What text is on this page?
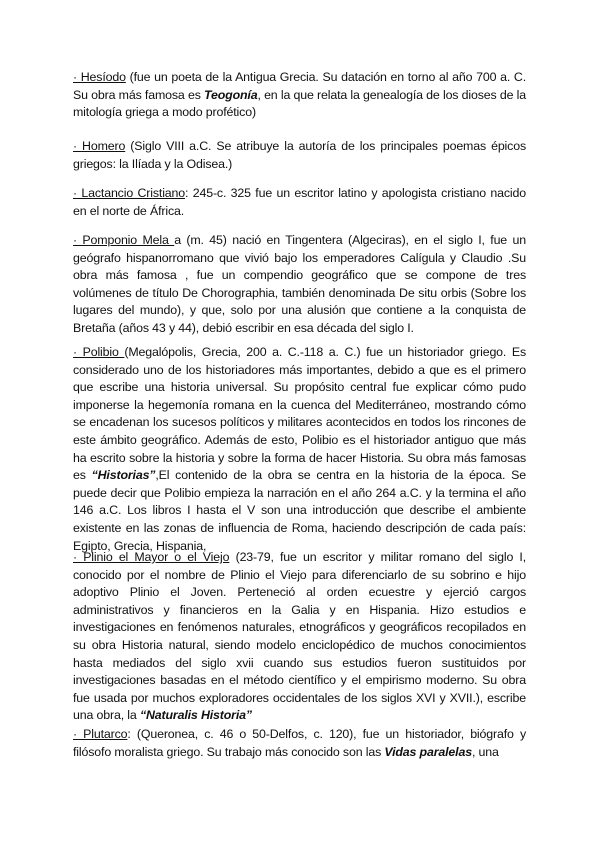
· Hesíodo (fue un poeta de la Antigua Grecia. Su datación en torno al año 700 a. C. Su obra más famosa es Teogonía, en la que relata la genealogía de los dioses de la mitología griega a modo profético)

· Homero (Siglo VIII a.C. Se atribuye la autoría de los principales poemas épicos griegos: la Ilíada y la Odisea.)

· Lactancio Cristiano: 245-c. 325 fue un escritor latino y apologista cristiano nacido en el norte de África.

· Pomponio Mela a (m. 45) nació en Tingentera (Algeciras), en el siglo I, fue un geógrafo hispanorromano que vivió bajo los emperadores Calígula y Claudio .Su obra más famosa , fue un compendio geográfico que se compone de tres volúmenes de título De Chorographia, también denominada De situ orbis (Sobre los lugares del mundo), y que, solo por una alusión que contiene a la conquista de Bretaña (años 43 y 44), debió escribir en esa década del siglo I.

· Polibio (Megalópolis, Grecia, 200 a. C.-118 a. C.) fue un historiador griego. Es considerado uno de los historiadores más importantes, debido a que es el primero que escribe una historia universal. Su propósito central fue explicar cómo pudo imponerse la hegemonía romana en la cuenca del Mediterráneo, mostrando cómo se encadenan los sucesos políticos y militares acontecidos en todos los rincones de este ámbito geográfico. Además de esto, Polibio es el historiador antiguo que más ha escrito sobre la historia y sobre la forma de hacer Historia. Su obra más famosas es “Historias”,El contenido de la obra se centra en la historia de la época. Se puede decir que Polibio empieza la narración en el año 264 a.C. y la termina el año 146 a.C. Los libros I hasta el V son una introducción que describe el ambiente existente en las zonas de influencia de Roma, haciendo descripción de cada país: Egipto, Grecia, Hispania,

· Plinio el Mayor o el Viejo (23-79, fue un escritor y militar romano del siglo I, conocido por el nombre de Plinio el Viejo para diferenciarlo de su sobrino e hijo adoptivo Plinio el Joven. Perteneció al orden ecuestre y ejerció cargos administrativos y financieros en la Galia y en Hispania. Hizo estudios e investigaciones en fenómenos naturales, etnográficos y geográficos recopilados en su obra Historia natural, siendo modelo enciclopédico de muchos conocimientos hasta mediados del siglo xvii cuando sus estudios fueron sustituidos por investigaciones basadas en el método científico y el empirismo moderno. Su obra fue usada por muchos exploradores occidentales de los siglos XVI y XVII.), escribe una obra, la “Naturalis Historia”

· Plutarco: (Queronea, c. 46 o 50-Delfos, c. 120), fue un historiador, biógrafo y filósofo moralista griego. Su trabajo más conocido son las Vidas paralelas, una
